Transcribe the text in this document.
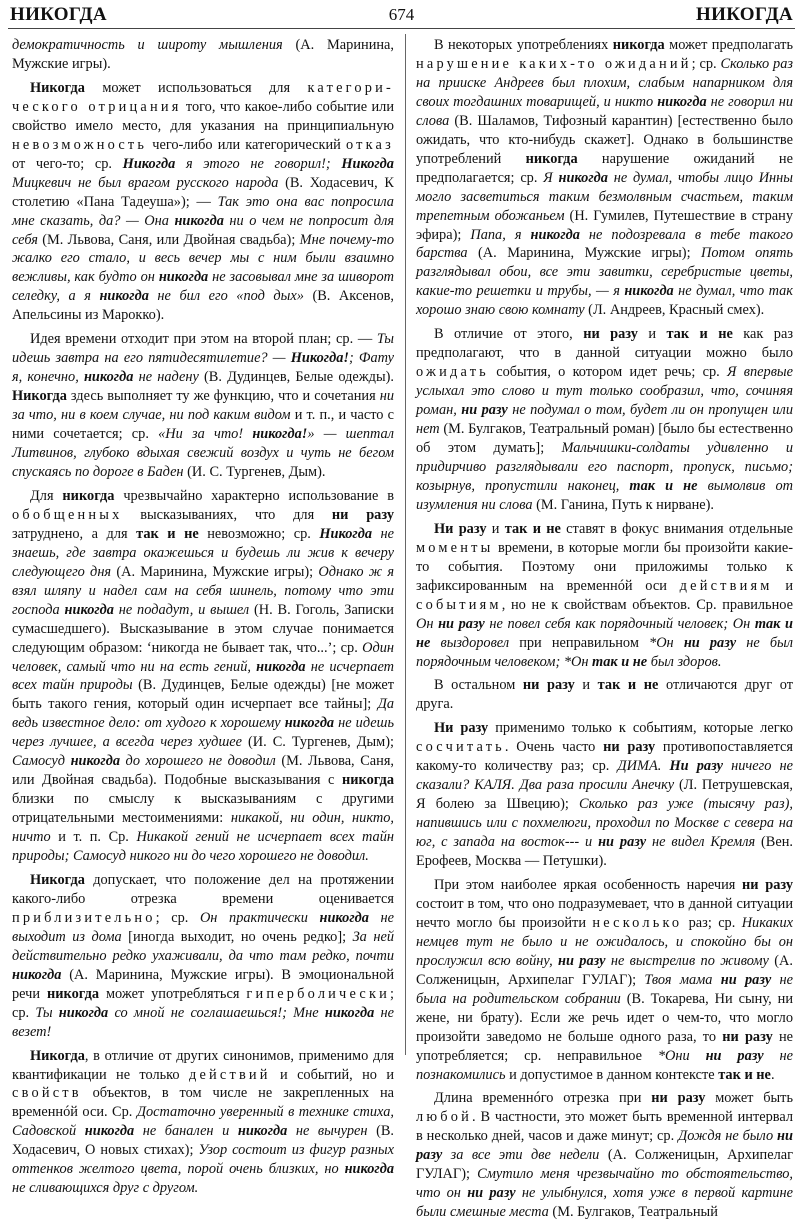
НИКОГДА	674	НИКОГДА

демократичность и широту мышления (А. Маринина, Мужские игры).

Никогда может использоваться для категори-ческого отрицания того, что какое-либо событие или свойство имело место, для указания на принципиальную невозможность чего-либо или категорический отказ от чего-то; ср. Никогда я этого не говорил!; Никогда Мицкевич не был врагом русского народа (В. Ходасевич, К столетию «Пана Тадеуша»); — Так это она вас попросила мне сказать, да? — Она никогда ни о чем не попросит для себя (М. Львова, Саня, или Двойная свадьба); Мне почему-то жалко его стало, и весь вечер мы с ним были взаимно вежливы, как будто он никогда не засовывал мне за шиворот селедку, а я никогда не бил его «под дых» (В. Аксенов, Апельсины из Марокко).

Идея времени отходит при этом на второй план; ср. — Ты идешь завтра на его пятидесятилетие? — Никогда!; Фату я, конечно, никогда не надену (В. Дудинцев, Белые одежды). Никогда здесь выполняет ту же функцию, что и сочетания ни за что, ни в коем случае, ни под каким видом и т. п., и часто с ними сочетается; ср. «Ни за что! никогда!» — шептал Литвинов, глубоко вдыхая свежий воздух и чуть не бегом спускаясь по дороге в Баден (И. С. Тургенев, Дым).

Для никогда чрезвычайно характерно использование в обобщенных высказываниях, что для ни разу затруднено, а для так и не невозможно; ср. Никогда не знаешь, где завтра окажешься и будешь ли жив к вечеру следующего дня (А. Маринина, Мужские игры); Однако ж я взял шляпу и надел сам на себя шинель, потому что эти господа никогда не подадут, и вышел (Н. В. Гоголь, Записки сумасшедшего). Высказывание в этом случае понимается следующим образом: ‘никогда не бывает так, что...’; ср. Один человек, самый что ни на есть гений, никогда не исчерпает всех тайн природы (В. Дудинцев, Белые одежды) [не может быть такого гения, который один исчерпает все тайны]; Да ведь известное дело: от худого к хорошему никогда не идешь через лучшее, а всегда через худшее (И. С. Тургенев, Дым); Самосуд никогда до хорошего не доводил (М. Львова, Саня, или Двойная свадьба). Подобные высказывания с никогда близки по смыслу к высказываниям с другими отрицательными местоимениями: никакой, ни один, никто, ничто и т. п. Ср. Никакой гений не исчерпает всех тайн природы; Самосуд никого ни до чего хорошего не доводил.

Никогда допускает, что положение дел на протяжении какого-либо отрезка времени оценивается приблизительно; ср. Он практически никогда не выходит из дома [иногда выходит, но очень редко]; За ней действительно редко ухаживали, да что там редко, почти никогда (А. Маринина, Мужские игры). В эмоциональной речи никогда может употребляться гиперболически; ср. Ты никогда со мной не соглашаешься!; Мне никогда не везет!

Никогда, в отличие от других синонимов, применимо для квантификации не только действий и событий, но и свойств объектов, в том числе не закрепленных на временнóй оси. Ср. Достаточно уверенный в технике стиха, Садовской никогда не банален и никогда не вычурен (В. Ходасевич, О новых стихах); Узор состоит из фигур разных оттенков желтого цвета, порой очень близких, но никогда не сливающихся друг с другом.

В некоторых употреблениях никогда может предполагать нарушение каких-то ожиданий; ср. Сколько раз на прииске Андреев был плохим, слабым напарником для своих тогдашних товарищей, и никто никогда не говорил ни слова (В. Шаламов, Тифозный карантин) [естественно было ожидать, что кто-нибудь скажет]. Однако в большинстве употреблений никогда нарушение ожиданий не предполагается; ср. Я никогда не думал, чтобы лицо Инны могло засветиться таким безмолвным счастьем, таким трепетным обожаньем (Н. Гумилев, Путешествие в страну эфира); Папа, я никогда не подозревала в тебе такого барства (А. Маринина, Мужские игры); Потом опять разглядывал обои, все эти завитки, серебристые цветы, какие-то решетки и трубы, — я никогда не думал, что так хорошо знаю свою комнату (Л. Андреев, Красный смех).

В отличие от этого, ни разу и так и не как раз предполагают, что в данной ситуации можно было ожидать события, о котором идет речь; ср. Я впервые услыхал это слово и тут только сообразил, что, сочиняя роман, ни разу не подумал о том, будет ли он пропущен или нет (М. Булгаков, Театральный роман) [было бы естественно об этом думать]; Мальчишки-солдаты удивленно и придирчиво разглядывали его паспорт, пропуск, письмо; козырнув, пропустили наконец, так и не вымолвив от изумления ни слова (М. Ганина, Путь к нирване).

Ни разу и так и не ставят в фокус внимания отдельные моменты времени, в которые могли бы произойти какие-то события. Поэтому они приложимы только к зафиксированным на временнóй оси действиям и событиям, но не к свойствам объектов. Ср. правильное Он ни разу не повел себя как порядочный человек; Он так и не выздоровел при неправильном *Он ни разу не был порядочным человеком; *Он так и не был здоров.

В остальном ни разу и так и не отличаются друг от друга.

Ни разу применимо только к событиям, которые легко сосчитать. Очень часто ни разу противопоставляется какому-то количеству раз; ср. ДИМА. Ни разу ничего не сказали? КАЛЯ. Два раза просили Анечку (Л. Петрушевская, Я болею за Швецию); Сколько раз уже (тысячу раз), напившись или с похмелюги, проходил по Москве с севера на юг, с запада на восток--- и ни разу не видел Кремля (Вен. Ерофеев, Москва — Петушки).

При этом наиболее яркая особенность наречия ни разу состоит в том, что оно подразумевает, что в данной ситуации нечто могло бы произойти несколько раз; ср. Никаких немцев тут не было и не ожидалось, и спокойно бы он прослужил всю войну, ни разу не выстрелив по живому (А. Солженицын, Архипелаг ГУЛАГ); Твоя мама ни разу не была на родительском собрании (В. Токарева, Ни сыну, ни жене, ни брату). Если же речь идет о чем-то, что могло произойти заведомо не больше одного раза, то ни разу не употребляется; ср. неправильное *Они ни разу не познакомились и допустимое в данном контексте так и не.

Длина временнóго отрезка при ни разу может быть любой. В частности, это может быть временной интервал в несколько дней, часов и даже минут; ср. Дождя не было ни разу за все эти две недели (А. Солженицын, Архипелаг ГУЛАГ); Смутило меня чрезвычайно то обстоятельство, что он ни разу не улыбнулся, хотя уже в первой картине были смешные места (М. Булгаков, Театральный
